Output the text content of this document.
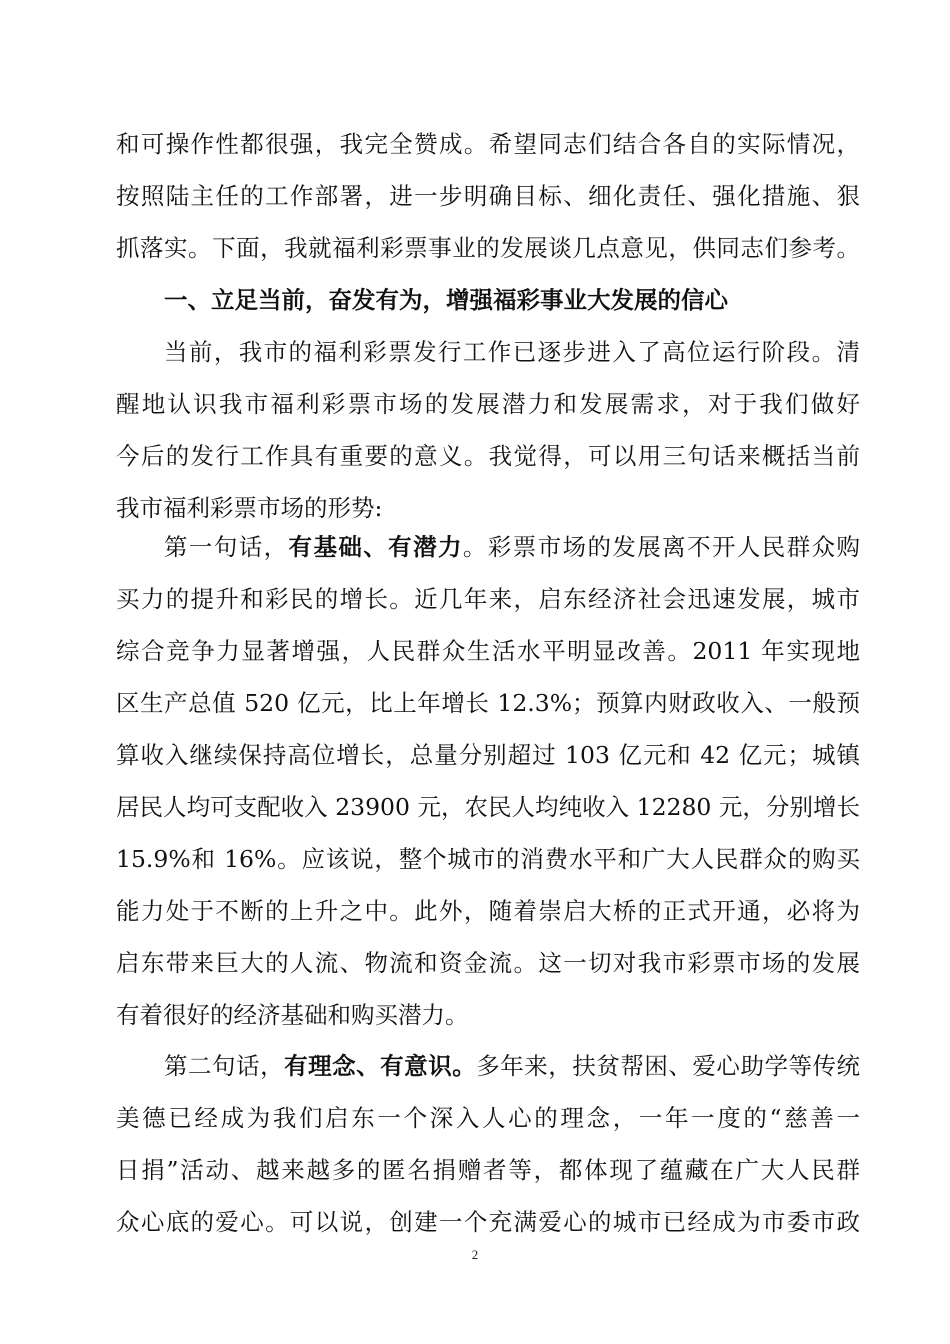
和可操作性都很强，我完全赞成。希望同志们结合各自的实际情况，
按照陆主任的工作部署，进一步明确目标、细化责任、强化措施、狠
抓落实。下面，我就福利彩票事业的发展谈几点意见，供同志们参考。
一、立足当前，奋发有为，增强福彩事业大发展的信心
当前，我市的福利彩票发行工作已逐步进入了高位运行阶段。清
醒地认识我市福利彩票市场的发展潜力和发展需求，对于我们做好
今后的发行工作具有重要的意义。我觉得，可以用三句话来概括当前
我市福利彩票市场的形势:
第一句话，有基础、有潜力。彩票市场的发展离不开人民群众购
买力的提升和彩民的增长。近几年来，启东经济社会迅速发展，城市
综合竞争力显著增强，人民群众生活水平明显改善。2011 年实现地
区生产总值 520 亿元，比上年增长 12.3%；预算内财政收入、一般预
算收入继续保持高位增长，总量分别超过 103 亿元和 42 亿元；城镇
居民人均可支配收入 23900 元，农民人均纯收入 12280 元，分别增长
15.9%和 16%。应该说，整个城市的消费水平和广大人民群众的购买
能力处于不断的上升之中。此外，随着崇启大桥的正式开通，必将为
启东带来巨大的人流、物流和资金流。这一切对我市彩票市场的发展
有着很好的经济基础和购买潜力。
第二句话，有理念、有意识。多年来，扶贫帮困、爱心助学等传统
美德已经成为我们启东一个深入人心的理念，一年一度的“慈善一
日捐”活动、越来越多的匿名捐赠者等，都体现了蕴藏在广大人民群
众心底的爱心。可以说，创建一个充满爱心的城市已经成为市委市政
2
